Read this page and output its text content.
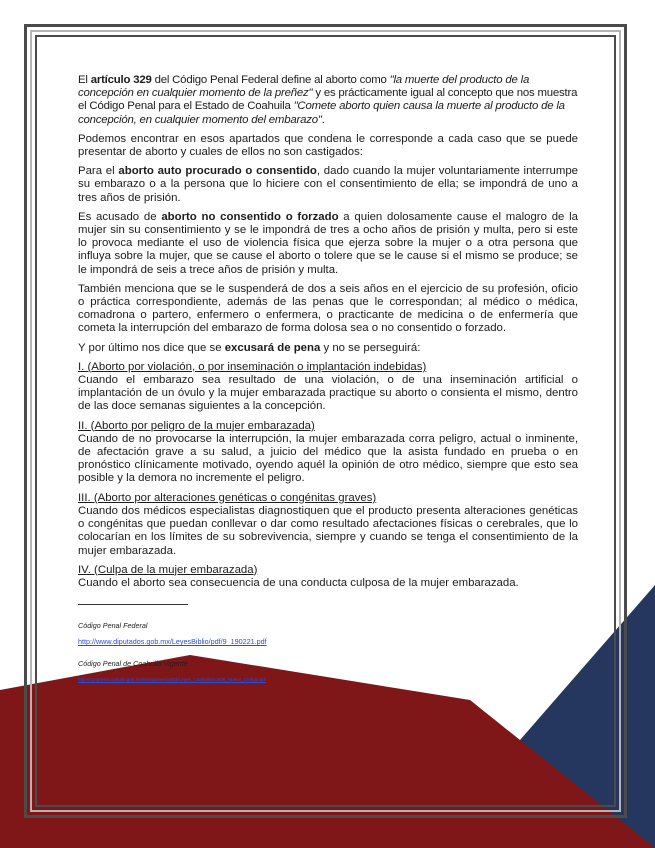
El artículo 329 del Código Penal Federal define al aborto como "la muerte del producto de la concepción en cualquier momento de la preñez" y es prácticamente igual al concepto que nos muestra el Código Penal para el Estado de Coahuila "Comete aborto quien causa la muerte al producto de la concepción, en cualquier momento del embarazo".

Podemos encontrar en esos apartados que condena le corresponde a cada caso que se puede presentar de aborto y cuales de ellos no son castigados:

Para el aborto auto procurado o consentido, dado cuando la mujer voluntariamente interrumpe su embarazo o a la persona que lo hiciere con el consentimiento de ella; se impondrá de uno a tres años de prisión.

Es acusado de aborto no consentido o forzado a quien dolosamente cause el malogro de la mujer sin su consentimiento y se le impondrá de tres a ocho años de prisión y multa, pero si este lo provoca mediante el uso de violencia física que ejerza sobre la mujer o a otra persona que influya sobre la mujer, que se cause el aborto o tolere que se le cause si el mismo se produce; se le impondrá de seis a trece años de prisión y multa.

También menciona que se le suspenderá de dos a seis años en el ejercicio de su profesión, oficio o práctica correspondiente, además de las penas que le correspondan; al médico o médica, comadrona o partero, enfermero o enfermera, o practicante de medicina o de enfermería que cometa la interrupción del embarazo de forma dolosa sea o no consentido o forzado.

Y por último nos dice que se excusará de pena y no se perseguirá:

I. (Aborto por violación, o por inseminación o implantación indebidas)

Cuando el embarazo sea resultado de una violación, o de una inseminación artificial o implantación de un óvulo y la mujer embarazada practique su aborto o consienta el mismo, dentro de las doce semanas siguientes a la concepción.

II. (Aborto por peligro de la mujer embarazada)

Cuando de no provocarse la interrupción, la mujer embarazada corra peligro, actual o inminente, de afectación grave a su salud, a juicio del médico que la asista fundado en prueba o en pronóstico clínicamente motivado, oyendo aquél la opinión de otro médico, siempre que esto sea posible y la demora no incremente el peligro.

III. (Aborto por alteraciones genéticas o congénitas graves)

Cuando dos médicos especialistas diagnostiquen que el producto presenta alteraciones genéticas o congénitas que puedan conllevar o dar como resultado afectaciones físicas o cerebrales, que lo colocarían en los límites de su sobrevivencia, siempre y cuando se tenga el consentimiento de la mujer embarazada.

IV. (Culpa de la mujer embarazada)

Cuando el aborto sea consecuencia de una conducta culposa de la mujer embarazada.

Código Penal Federal

http://www.diputados.gob.mx/LeyesBiblio/pdf/9_190221.pdf

Código Penal de Coahuila Vigente

http://congresocoahuila.gob.mx/transparencia/03/Leyes_Coahuila/coa08_Nuevo_Codigo.pdf
